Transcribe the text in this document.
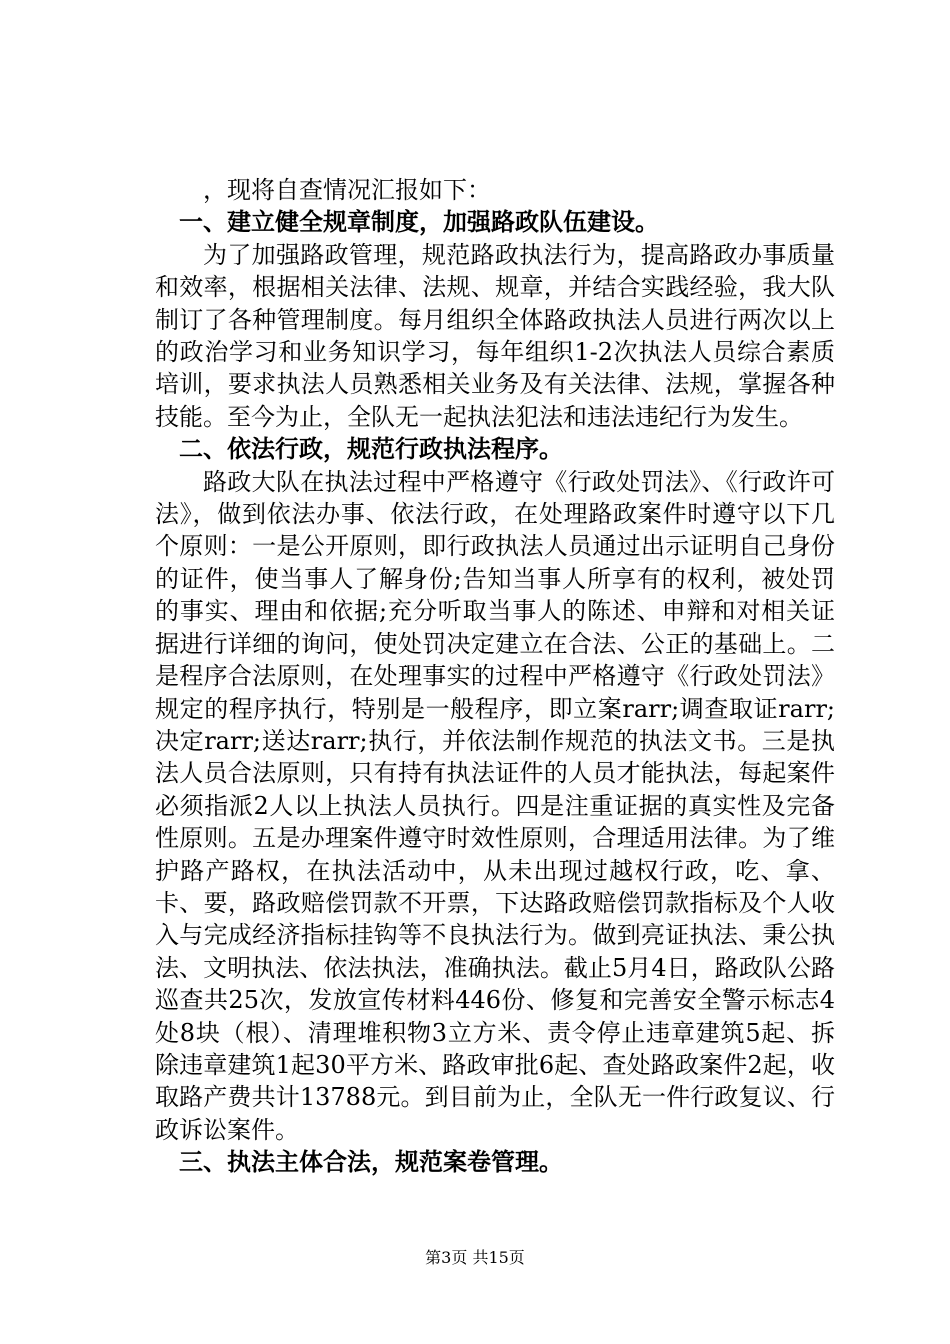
，现将自查情况汇报如下：

一、建立健全规章制度，加强路政队伍建设。

为了加强路政管理，规范路政执法行为，提高路政办事质量和效率，根据相关法律、法规、规章，并结合实践经验，我大队制订了各种管理制度。每月组织全体路政执法人员进行两次以上的政治学习和业务知识学习，每年组织1-2次执法人员综合素质培训，要求执法人员熟悉相关业务及有关法律、法规，掌握各种技能。至今为止，全队无一起执法犯法和违法违纪行为发生。

二、依法行政，规范行政执法程序。

路政大队在执法过程中严格遵守《行政处罚法》、《行政许可法》，做到依法办事、依法行政，在处理路政案件时遵守以下几个原则：一是公开原则，即行政执法人员通过出示证明自己身份的证件，使当事人了解身份;告知当事人所享有的权利，被处罚的事实、理由和依据;充分听取当事人的陈述、申辩和对相关证据进行详细的询问，使处罚决定建立在合法、公正的基础上。二是程序合法原则，在处理事实的过程中严格遵守《行政处罚法》规定的程序执行，特别是一般程序，即立案rarr;调查取证rarr;决定rarr;送达rarr;执行，并依法制作规范的执法文书。三是执法人员合法原则，只有持有执法证件的人员才能执法，每起案件必须指派2人以上执法人员执行。四是注重证据的真实性及完备性原则。五是办理案件遵守时效性原则，合理适用法律。为了维护路产路权，在执法活动中，从未出现过越权行政，吃、拿、卡、要，路政赔偿罚款不开票，下达路政赔偿罚款指标及个人收入与完成经济指标挂钩等不良执法行为。做到亮证执法、秉公执法、文明执法、依法执法，准确执法。截止5月4日，路政队公路巡查共25次，发放宣传材料446份、修复和完善安全警示标志4处8块（根）、清理堆积物3立方米、责令停止违章建筑5起、拆除违章建筑1起30平方米、路政审批6起、查处路政案件2起，收取路产费共计13788元。到目前为止，全队无一件行政复议、行政诉讼案件。

三、执法主体合法，规范案卷管理。

第3页 共15页
